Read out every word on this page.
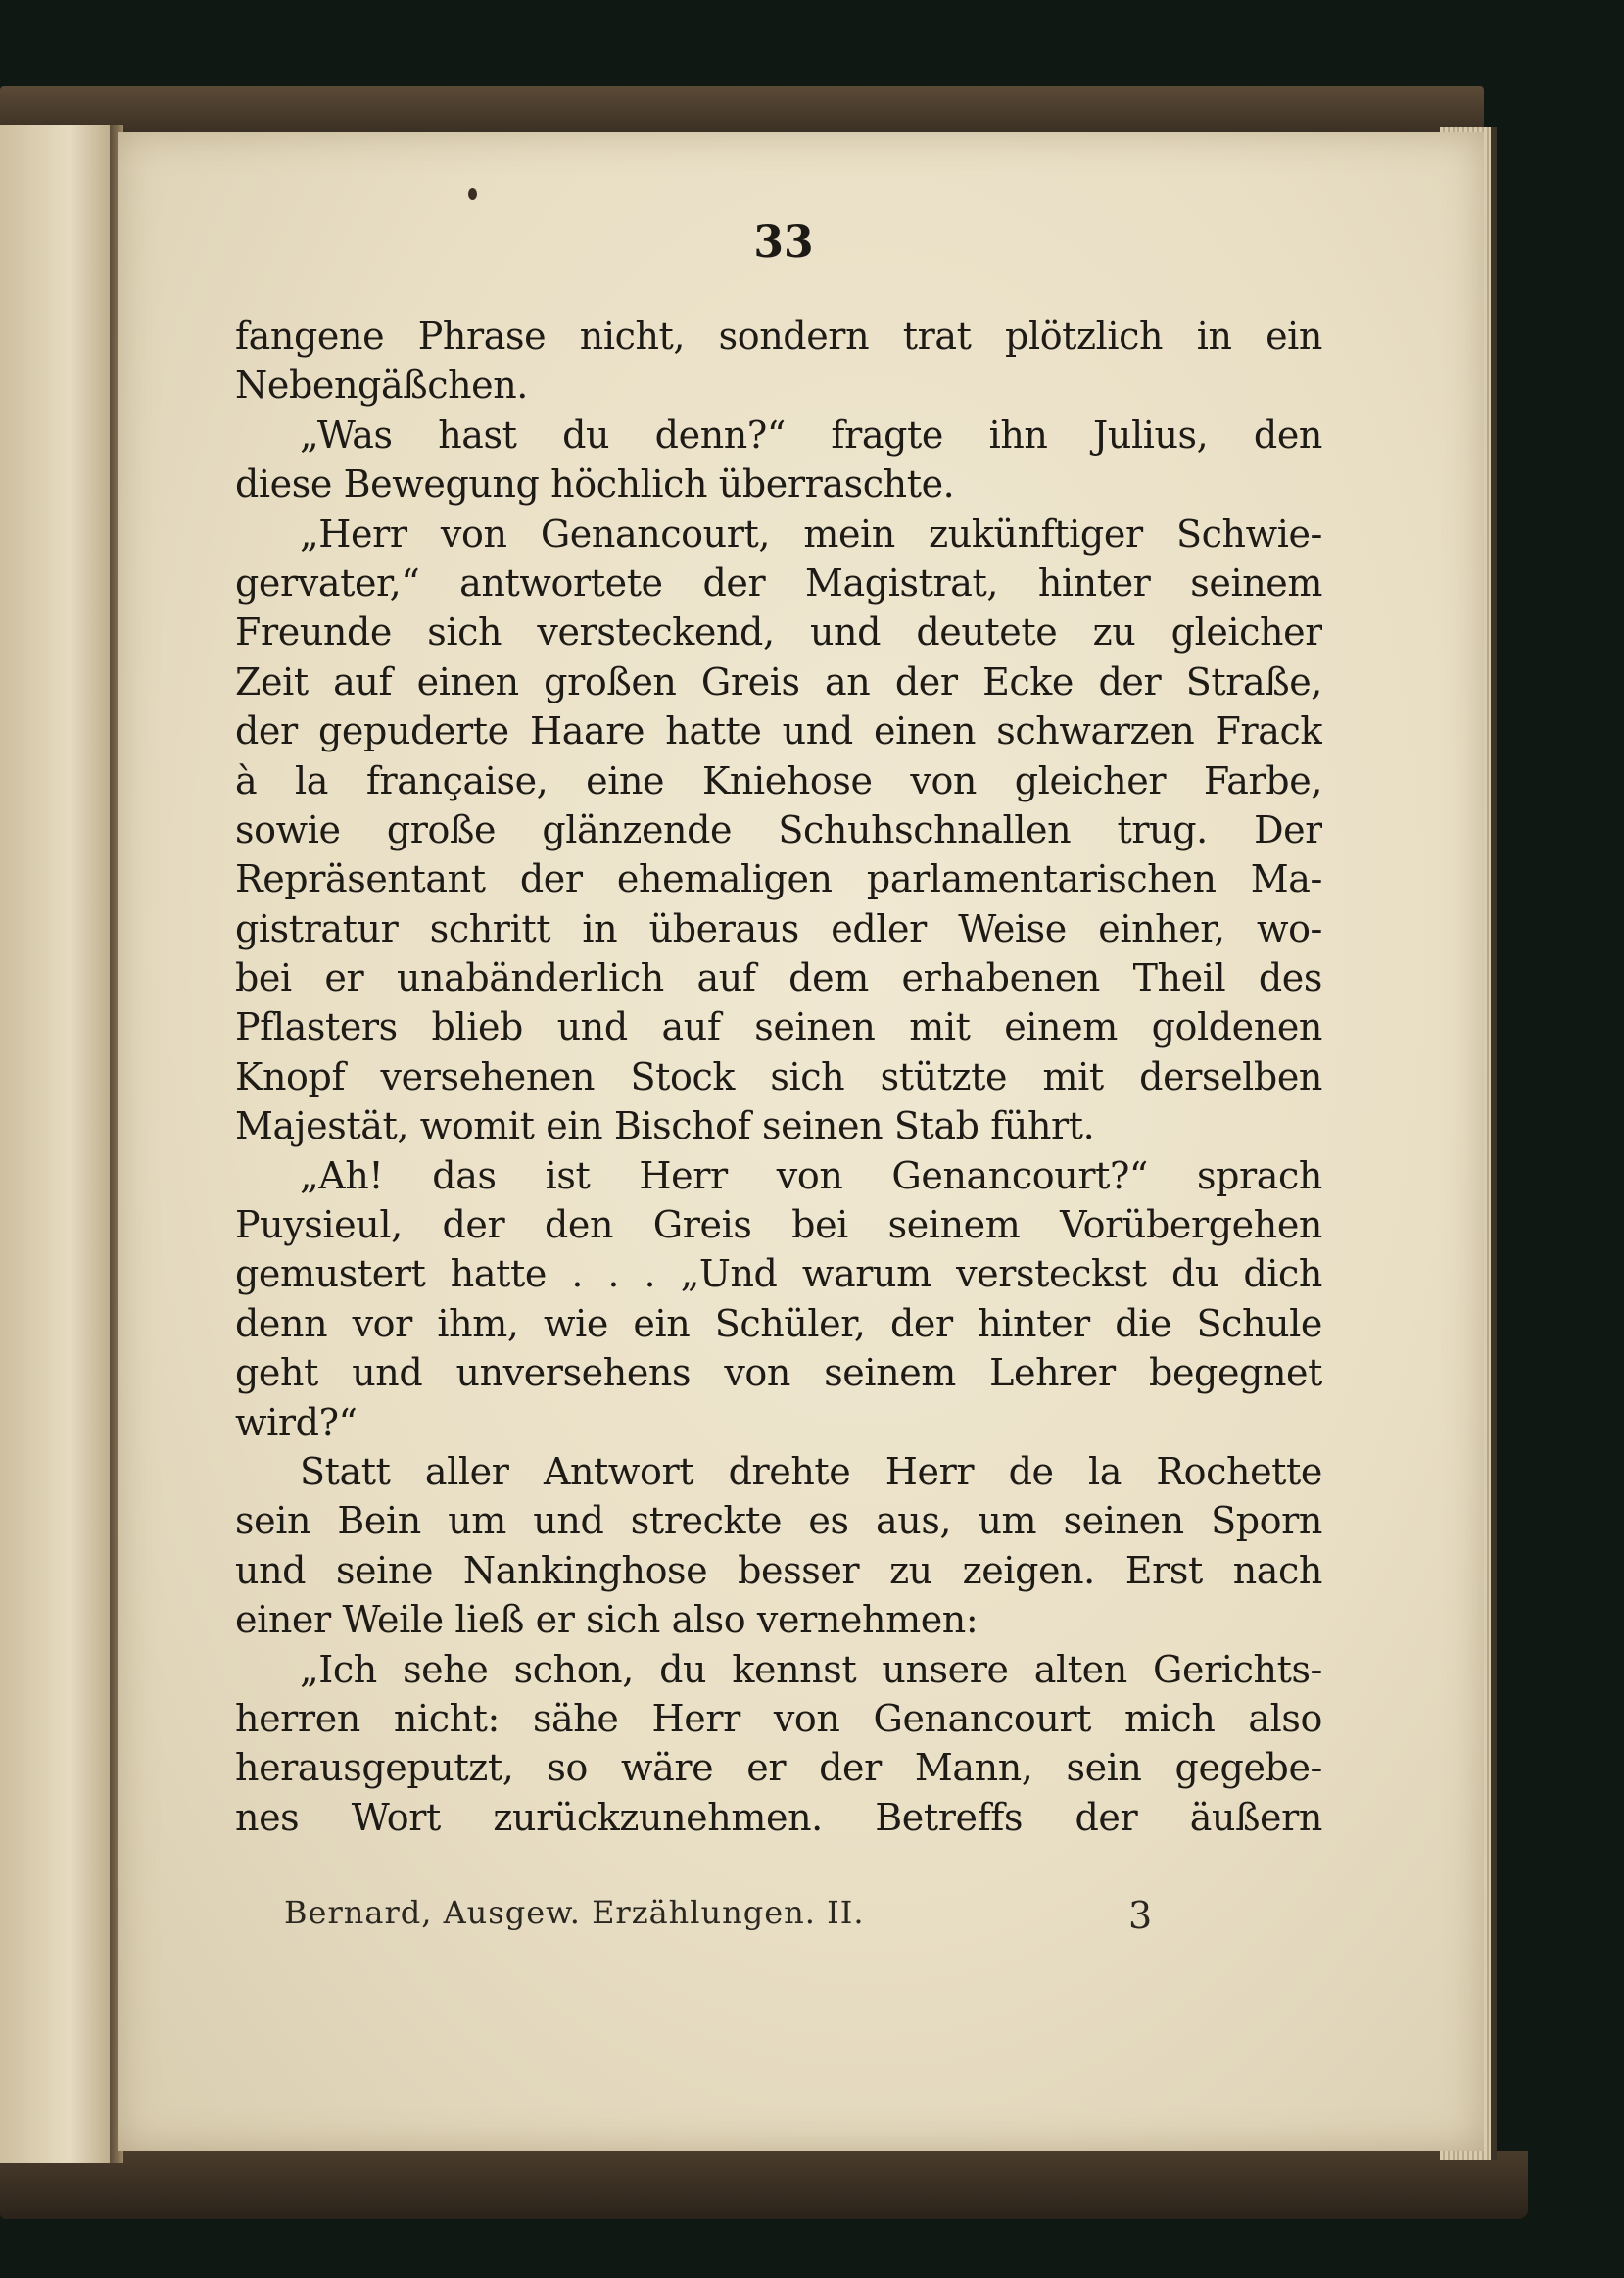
33
fangene Phrase nicht, sondern trat plötzlich in ein
Nebengäßchen.
„Was hast du denn?“ fragte ihn Julius, den
diese Bewegung höchlich überraschte.
„Herr von Genancourt, mein zukünftiger Schwie-
gervater,“ antwortete der Magistrat, hinter seinem
Freunde sich versteckend, und deutete zu gleicher
Zeit auf einen großen Greis an der Ecke der Straße,
der gepuderte Haare hatte und einen schwarzen Frack
à la française, eine Kniehose von gleicher Farbe,
sowie große glänzende Schuhschnallen trug. Der
Repräsentant der ehemaligen parlamentarischen Ma-
gistratur schritt in überaus edler Weise einher, wo-
bei er unabänderlich auf dem erhabenen Theil des
Pflasters blieb und auf seinen mit einem goldenen
Knopf versehenen Stock sich stützte mit derselben
Majestät, womit ein Bischof seinen Stab führt.
„Ah! das ist Herr von Genancourt?“ sprach
Puysieul, der den Greis bei seinem Vorübergehen
gemustert hatte . . . „Und warum versteckst du dich
denn vor ihm, wie ein Schüler, der hinter die Schule
geht und unversehens von seinem Lehrer begegnet
wird?“
Statt aller Antwort drehte Herr de la Rochette
sein Bein um und streckte es aus, um seinen Sporn
und seine Nankinghose besser zu zeigen. Erst nach
einer Weile ließ er sich also vernehmen:
„Ich sehe schon, du kennst unsere alten Gerichts-
herren nicht: sähe Herr von Genancourt mich also
herausgeputzt, so wäre er der Mann, sein gegebe-
nes Wort zurückzunehmen. Betreffs der äußern
Bernard, Ausgew. Erzählungen. II.	3
